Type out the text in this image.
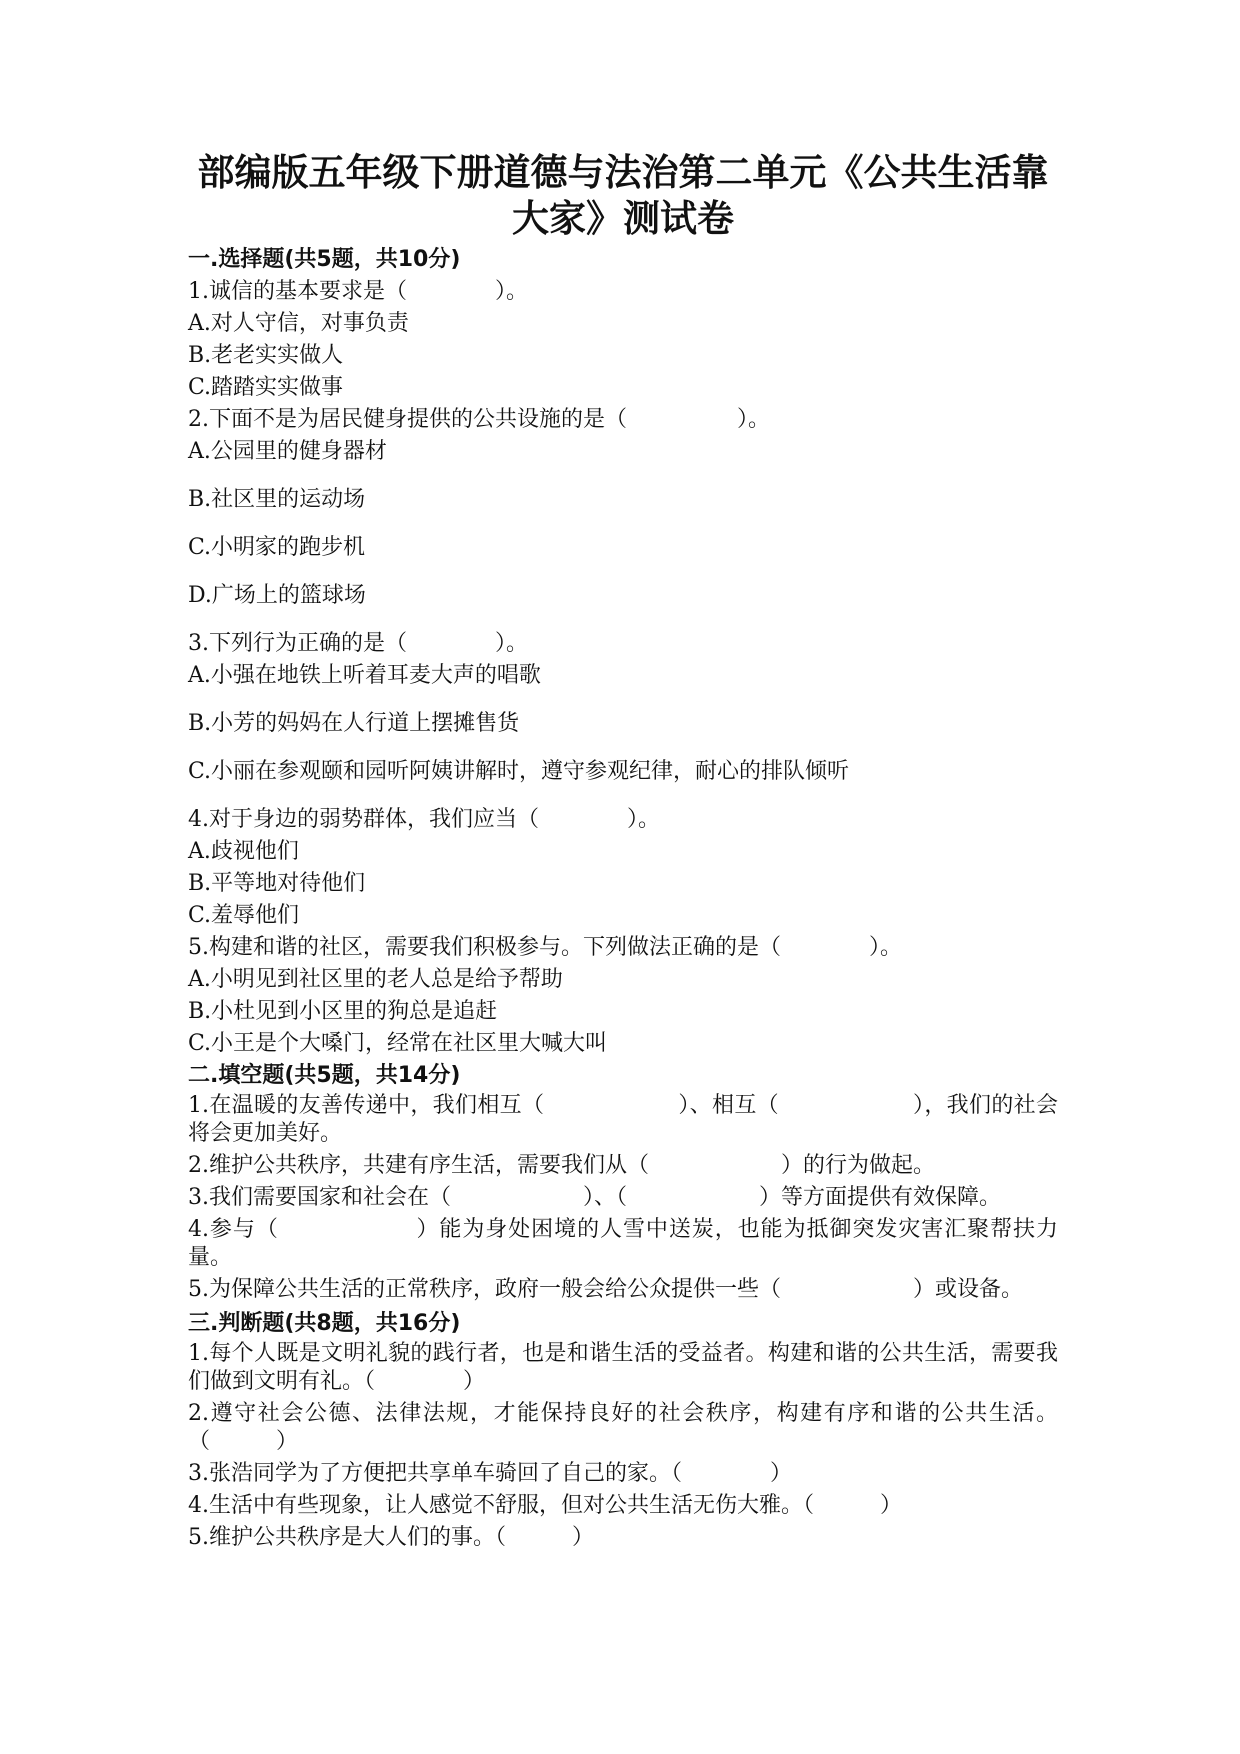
部编版五年级下册道德与法治第二单元《公共生活靠大家》测试卷
一.选择题(共5题，共10分)
1.诚信的基本要求是（　　　　）。
A.对人守信，对事负责
B.老老实实做人
C.踏踏实实做事
2.下面不是为居民健身提供的公共设施的是（　　　　　）。
A.公园里的健身器材
B.社区里的运动场
C.小明家的跑步机
D.广场上的篮球场
3.下列行为正确的是（　　　　）。
A.小强在地铁上听着耳麦大声的唱歌
B.小芳的妈妈在人行道上摆摊售货
C.小丽在参观颐和园听阿姨讲解时，遵守参观纪律，耐心的排队倾听
4.对于身边的弱势群体，我们应当（　　　　）。
A.歧视他们
B.平等地对待他们
C.羞辱他们
5.构建和谐的社区，需要我们积极参与。下列做法正确的是（　　　　）。
A.小明见到社区里的老人总是给予帮助
B.小杜见到小区里的狗总是追赶
C.小王是个大嗓门，经常在社区里大喊大叫
二.填空题(共5题，共14分)
1.在温暖的友善传递中，我们相互（　　　　　　）、相互（　　　　　　），我们的社会将会更加美好。
2.维护公共秩序，共建有序生活，需要我们从（　　　　　　）的行为做起。
3.我们需要国家和社会在（　　　　　　）、（　　　　　　）等方面提供有效保障。
4.参与（　　　　　　）能为身处困境的人雪中送炭，也能为抵御突发灾害汇聚帮扶力量。
5.为保障公共生活的正常秩序，政府一般会给公众提供一些（　　　　　　）或设备。
三.判断题(共8题，共16分)
1.每个人既是文明礼貌的践行者，也是和谐生活的受益者。构建和谐的公共生活，需要我们做到文明有礼。（　　　　）
2.遵守社会公德、法律法规，才能保持良好的社会秩序，构建有序和谐的公共生活。（　　　）
3.张浩同学为了方便把共享单车骑回了自己的家。（　　　　）
4.生活中有些现象，让人感觉不舒服，但对公共生活无伤大雅。（　　　）
5.维护公共秩序是大人们的事。（　　　）
